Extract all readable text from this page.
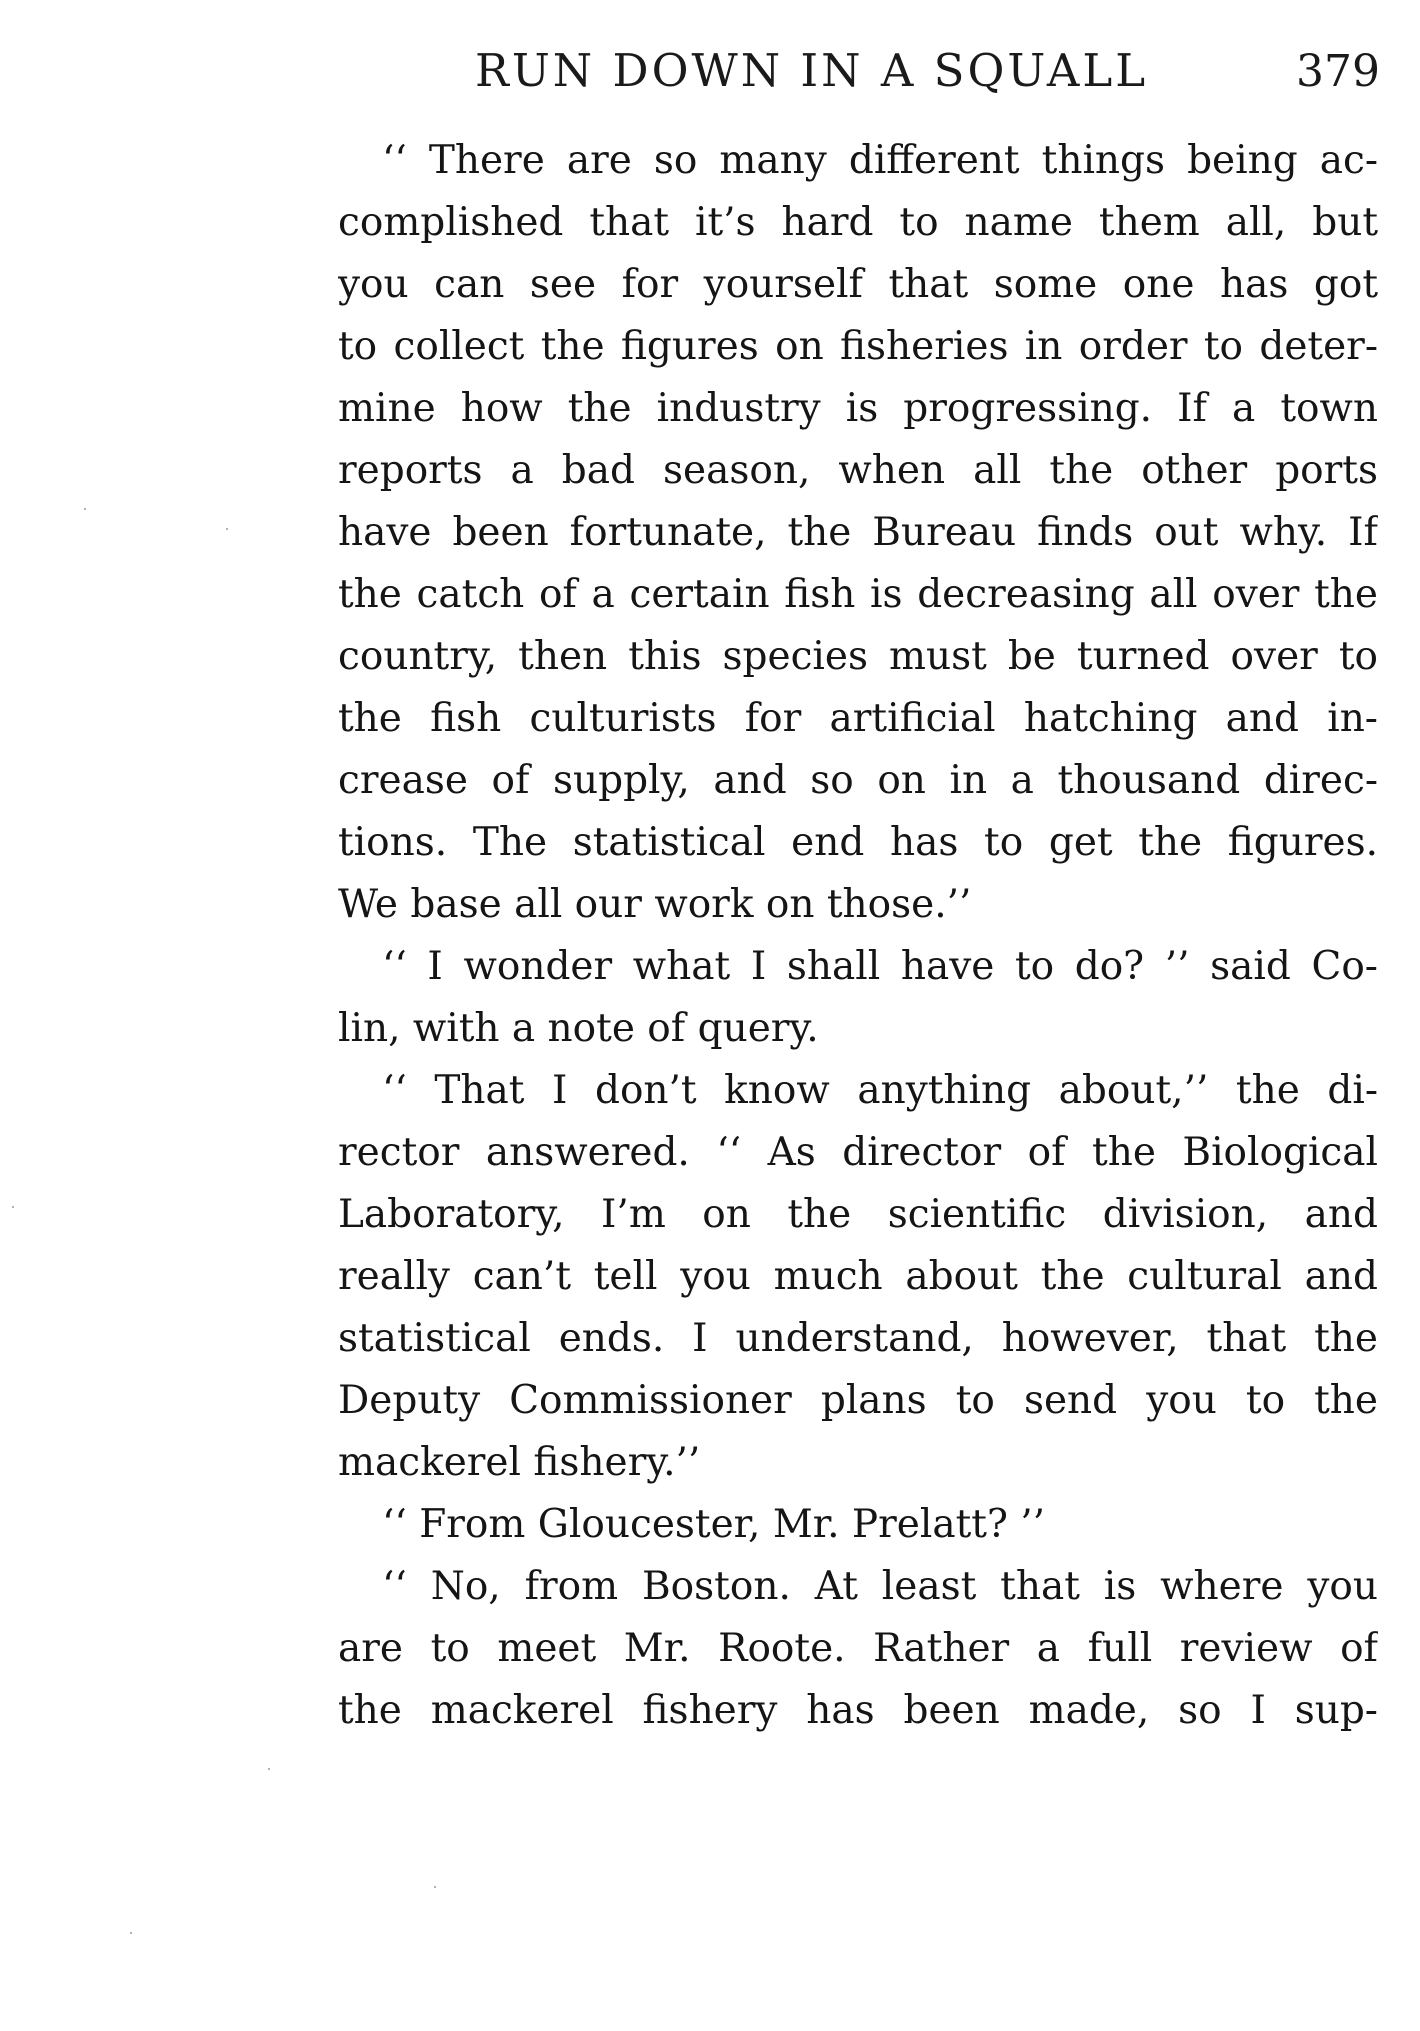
RUN DOWN IN A SQUALL	379
‘‘ There are so many different things being ac-
complished that it’s hard to name them all, but
you can see for yourself that some one has got
to collect the figures on fisheries in order to deter-
mine how the industry is progressing. If a town
reports a bad season, when all the other ports
have been fortunate, the Bureau finds out why. If
the catch of a certain fish is decreasing all over the
country, then this species must be turned over to
the fish culturists for artificial hatching and in-
crease of supply, and so on in a thousand direc-
tions. The statistical end has to get the figures.
We base all our work on those.’’
‘‘ I wonder what I shall have to do? ’’ said Co-
lin, with a note of query.
‘‘ That I don’t know anything about,’’ the di-
rector answered. ‘‘ As director of the Biological
Laboratory, I’m on the scientific division, and
really can’t tell you much about the cultural and
statistical ends. I understand, however, that the
Deputy Commissioner plans to send you to the
mackerel fishery.’’
‘‘ From Gloucester, Mr. Prelatt? ’’
‘‘ No, from Boston. At least that is where you
are to meet Mr. Roote. Rather a full review of
the mackerel fishery has been made, so I sup-
